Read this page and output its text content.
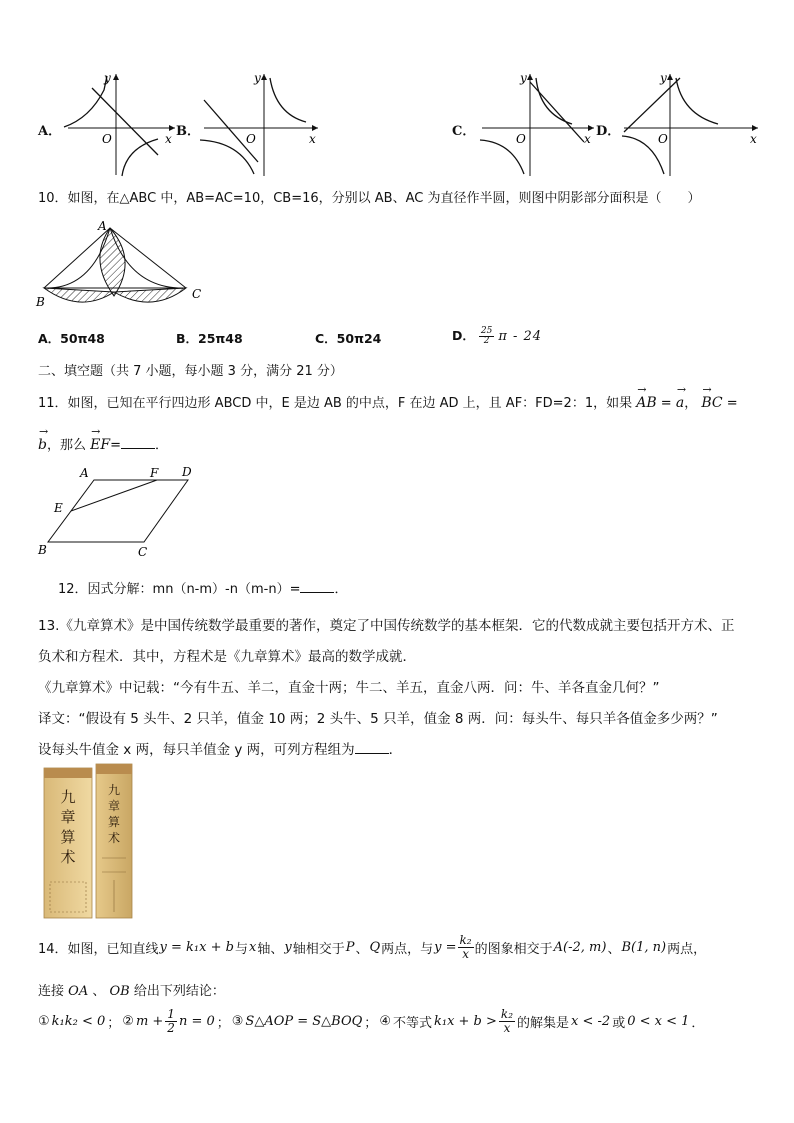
A．	O	x
y
B．	O	x
y
C．	O	x
y
D．	O	x
y
10．如图，在△ABC 中，AB=AC=10，CB=16，分别以 AB、AC 为直径作半圆，则图中阴影部分面积是（　　）
A
B
C
A．50π48	B．25π48	C．50π24	D． $\frac{25}{2}$ π - 24
二、填空题（共 7 小题，每小题 3 分，满分 21 分）
11．如图，已知在平行四边形 ABCD 中，E 是边 AB 的中点，F 在边 AD 上，且 AF：FD=2：1，如果 → AB = → a， → BC =
→ b，那么 → EF=	．
A	F D
E
B	C
12．因式分解：mn（n-m）-n（m-n）=	．
13.《九章算术》是中国传统数学最重要的著作，奠定了中国传统数学的基本框架．它的代数成就主要包括开方术、正
负术和方程术．其中，方程术是《九章算术》最高的数学成就．
《九章算术》中记载：“今有牛五、羊二，直金十两；牛二、羊五，直金八两．问：牛、羊各直金几何？”
译文：“假设有 5 头牛、2 只羊，值金 10 两；2 头牛、5 只羊，值金 8 两．问：每头牛、每只羊各值金多少两？”
设每头牛值金 x 两，每只羊值金 y 两，可列方程组为	．
九
章
算
术
九
章
算
术
14．如图，已知直线 y = k₁x + b 与 x 轴、 y 轴相交于 P 、 Q 两点，与 $y = \frac{\text{k₂}}{x}$ 的图象相交于 A(-2, m) 、 B(1, n) 两点，
连接 OA 、 OB 给出下列结论：
① k₁k₂ < 0 ； ② $m + \frac{1}{2}$ n = 0 ； ③ S△AOP = S△BOQ ； ④ 不等式 $k_1x + b > \frac{\text{k₂}}{x}$ 的解集是 x < -2 或 0 < x < 1 ．
